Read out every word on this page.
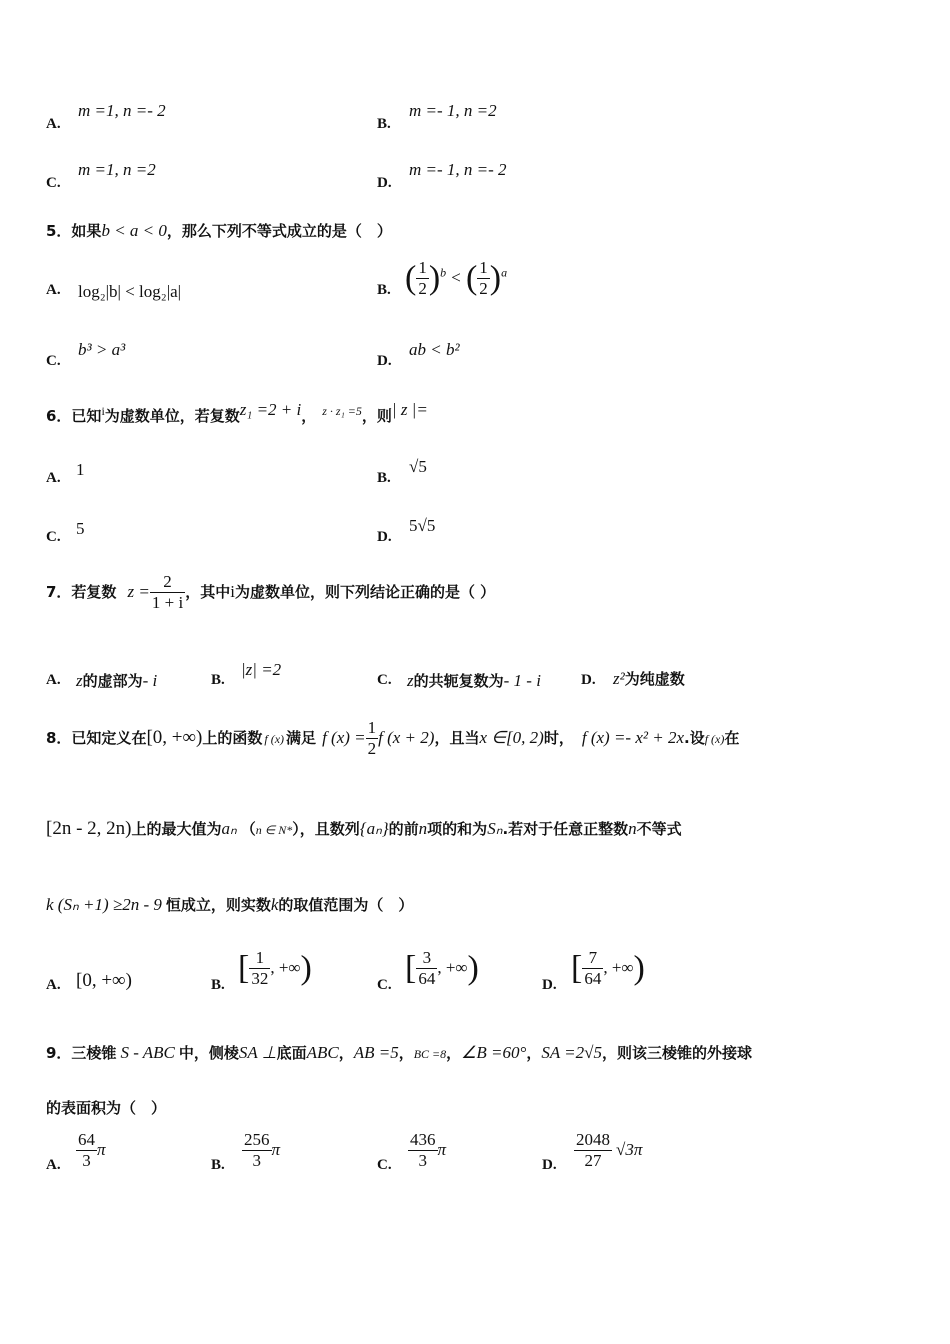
A.
m =1, n =- 2
B.
m =- 1, n =2
C.
m =1, n =2
D.
m =- 1, n =- 2
5．如果b < a < 0，那么下列不等式成立的是（　）
A. log₂|b| < log₂|a|	B. ( $\frac{1}{2} )^b$ < ( $\frac{1}{2} )^a$
C.
b³ > a³
D.
ab < b²
6．已知$^i$为虚数单位，若复数z₁ =2 + i， $^{z \cdot z_1 =5}$，则| z |=
A. 1	B.
√5
C. 5	D.
5√5
7．若复数 $z = \frac{2}{1 + i}$ ，其中i为虚数单位，则下列结论正确的是（ ）
A. z的虚部为- i	B.
|z| =2
C. z的共轭复数为- 1 - i	D. z²为纯虚数
8．已知定义在[0, +∞)上的函数 f (x) 满足 f $(x) = \frac{1}{2}$ f (x + 2)，且当x ∈[0, 2)时， f (x) =- x² + 2x.设f (x)在
[2n - 2, 2n)上的最大值为aₙ （n ∈ N*），且数列{aₙ}的前n项的和为Sₙ.若对于任意正整数n不等式
k (Sₙ +1) ≥2n - 9 恒成立，则实数k的取值范围为（　）
A. [0, +∞)	B. [ $\frac{1}{32}$ , +∞)	C. [ $\frac{3}{64}$ , +∞)	D. [ $\frac{7}{64}$ , +∞)
9．三棱锥 S - ABC 中，侧棱SA ⊥底面ABC，AB =5，BC =8，∠B =60°，SA =2√5，则该三棱锥的外接球
的表面积为（　）
A. $\frac{64}{3}$ π
B. $\frac{256}{3}$ π
C. $\frac{436}{3}$ π
D. $\frac{2048}{27} √3\pi$
